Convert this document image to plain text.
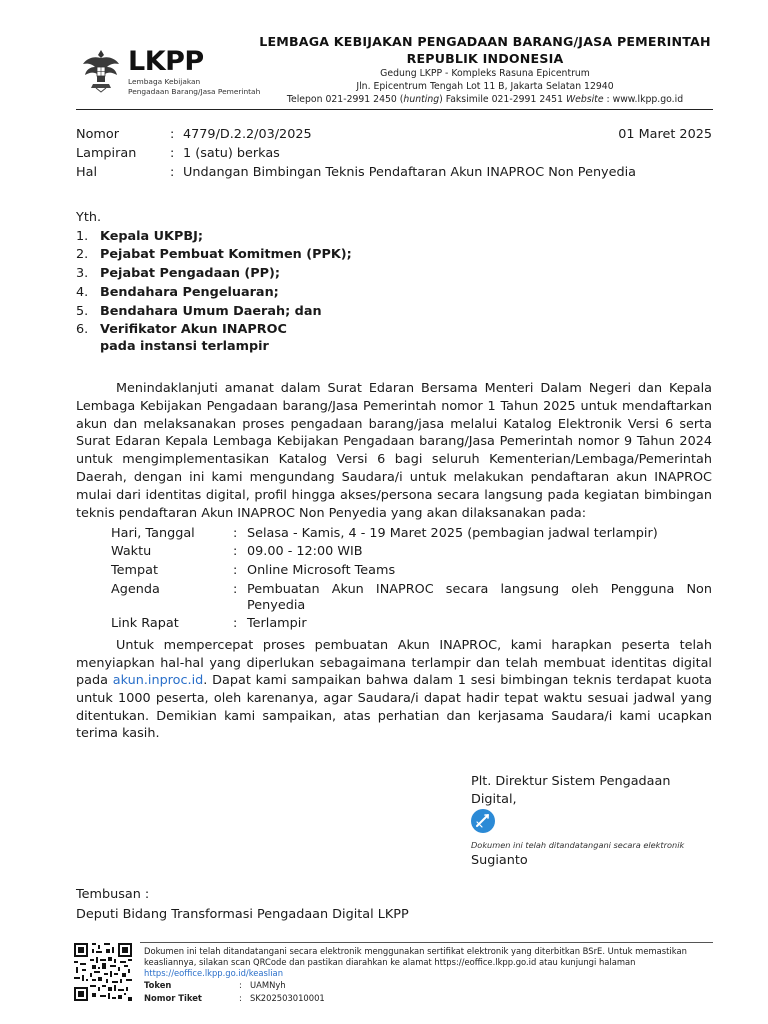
LKPP
Lembaga Kebijakan
Pengadaan Barang/Jasa Pemerintah
LEMBAGA KEBIJAKAN PENGADAAN BARANG/JASA PEMERINTAH
REPUBLIK INDONESIA
Gedung LKPP - Kompleks Rasuna Epicentrum
Jln. Epicentrum Tengah Lot 11 B, Jakarta Selatan 12940
Telepon 021-2991 2450 (hunting) Faksimile 021-2991 2451 Website : www.lkpp.go.id
Nomor	: 4779/D.2.2/03/2025	01 Maret 2025
Lampiran	: 1 (satu) berkas
Hal	: Undangan Bimbingan Teknis Pendaftaran Akun INAPROC Non Penyedia
Yth.
1. Kepala UKPBJ;
2. Pejabat Pembuat Komitmen (PPK);
3. Pejabat Pengadaan (PP);
4. Bendahara Pengeluaran;
5. Bendahara Umum Daerah; dan
6. Verifikator Akun INAPROC
pada instansi terlampir
Menindaklanjuti amanat dalam Surat Edaran Bersama Menteri Dalam Negeri dan Kepala Lembaga Kebijakan Pengadaan barang/Jasa Pemerintah nomor 1 Tahun 2025 untuk mendaftarkan akun dan melaksanakan proses pengadaan barang/jasa melalui Katalog Elektronik Versi 6 serta Surat Edaran Kepala Lembaga Kebijakan Pengadaan barang/Jasa Pemerintah nomor 9 Tahun 2024 untuk mengimplementasikan Katalog Versi 6 bagi seluruh Kementerian/Lembaga/Pemerintah Daerah, dengan ini kami mengundang Saudara/i untuk melakukan pendaftaran akun INAPROC mulai dari identitas digital, profil hingga akses/persona secara langsung pada kegiatan bimbingan teknis pendaftaran Akun INAPROC Non Penyedia yang akan dilaksanakan pada:
Hari, Tanggal	: Selasa - Kamis, 4 - 19 Maret 2025 (pembagian jadwal terlampir)
Waktu	: 09.00 - 12:00 WIB
Tempat	: Online Microsoft Teams
Agenda	: Pembuatan Akun INAPROC secara langsung oleh Pengguna Non
Penyedia
Link Rapat	: Terlampir
Untuk mempercepat proses pembuatan Akun INAPROC, kami harapkan peserta telah
menyiapkan hal-hal yang diperlukan sebagaimana terlampir dan telah membuat identitas digital
pada akun.inproc.id. Dapat kami sampaikan bahwa dalam 1 sesi bimbingan teknis terdapat kuota untuk 1000 peserta, oleh karenanya, agar Saudara/i dapat hadir tepat waktu sesuai jadwal yang ditentukan. Demikian kami sampaikan, atas perhatian dan kerjasama Saudara/i kami ucapkan terima kasih.
Plt. Direktur Sistem Pengadaan
Digital,
Dokumen ini telah ditandatangani secara elektronik
Sugianto
Tembusan :
Deputi Bidang Transformasi Pengadaan Digital LKPP
Dokumen ini telah ditandatangani secara elektronik menggunakan sertifikat elektronik yang diterbitkan BSrE. Untuk memastikan
keasliannya, silakan scan QRCode dan pastikan diarahkan ke alamat https://eoffice.lkpp.go.id atau kunjungi halaman
https://eoffice.lkpp.go.id/keaslian
Token	: UAMNyh
Nomor Tiket	: SK202503010001
